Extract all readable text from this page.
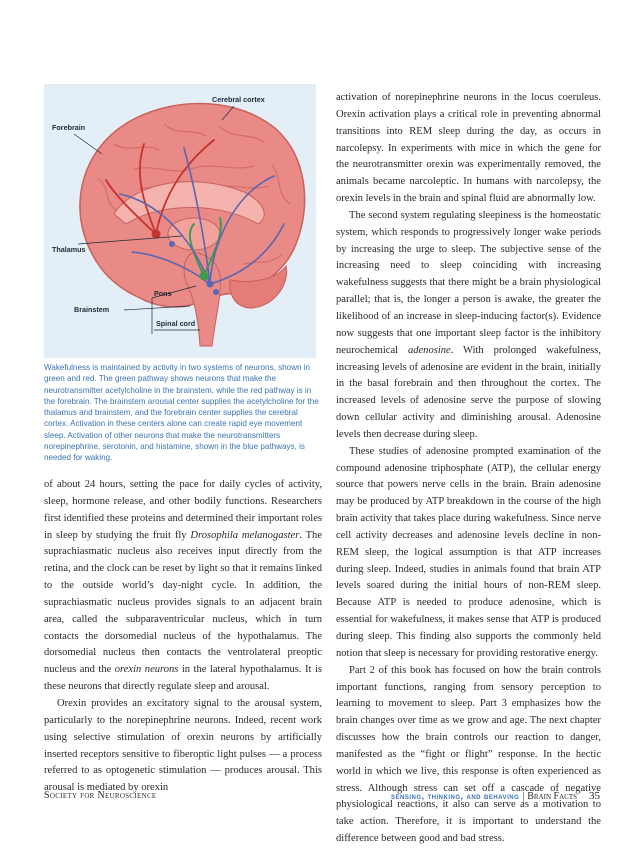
Cerebral cortex
Forebrain
Thalamus
Pons
Brainstem
Spinal cord

Wakefulness is maintained by activity in two systems of neurons, shown in green and red. The green pathway shows neurons that make the neurotransmitter acetylcholine in the brainstem, while the red pathway is in the forebrain. The brainstem arousal center supplies the acetylcholine for the thalamus and brainstem, and the forebrain center supplies the cerebral cortex. Activation in these centers alone can create rapid eye movement sleep. Activation of other neurons that make the neurotransmitters norepinephrine, serotonin, and histamine, shown in the blue pathways, is needed for waking.

of about 24 hours, setting the pace for daily cycles of activity, sleep, hormone release, and other bodily functions. Researchers first identified these proteins and determined their important roles in sleep by studying the fruit fly Drosophila melanogaster. The suprachiasmatic nucleus also receives input directly from the retina, and the clock can be reset by light so that it remains linked to the outside world’s day-night cycle. In addition, the suprachiasmatic nucleus provides signals to an adjacent brain area, called the subparaventricular nucleus, which in turn contacts the dorsomedial nucleus of the hypothalamus. The dorsomedial nucleus then contacts the ventrolateral preoptic nucleus and the orexin neurons in the lateral hypothalamus. It is these neurons that directly regulate sleep and arousal.

Orexin provides an excitatory signal to the arousal system, particularly to the norepinephrine neurons. Indeed, recent work using selective stimulation of orexin neurons by artificially inserted receptors sensitive to fiberoptic light pulses — a process referred to as optogenetic stimulation — produces arousal. This arousal is mediated by orexin

activation of norepinephrine neurons in the locus coeruleus. Orexin activation plays a critical role in preventing abnormal transitions into REM sleep during the day, as occurs in narcolepsy. In experiments with mice in which the gene for the neurotransmitter orexin was experimentally removed, the animals became narcoleptic. In humans with narcolepsy, the orexin levels in the brain and spinal fluid are abnormally low.

The second system regulating sleepiness is the homeostatic system, which responds to progressively longer wake periods by increasing the urge to sleep. The subjective sense of the increasing need to sleep coinciding with increasing wakefulness suggests that there might be a brain physiological parallel; that is, the longer a person is awake, the greater the likelihood of an increase in sleep-inducing factor(s). Evidence now suggests that one important sleep factor is the inhibitory neurochemical adenosine. With prolonged wakefulness, increasing levels of adenosine are evident in the brain, initially in the basal forebrain and then throughout the cortex. The increased levels of adenosine serve the purpose of slowing down cellular activity and diminishing arousal. Adenosine levels then decrease during sleep.

These studies of adenosine prompted examination of the compound adenosine triphosphate (ATP), the cellular energy source that powers nerve cells in the brain. Brain adenosine may be produced by ATP breakdown in the course of the high brain activity that takes place during wakefulness. Since nerve cell activity decreases and adenosine levels decline in non-REM sleep, the logical assumption is that ATP increases during sleep. Indeed, studies in animals found that brain ATP levels soared during the initial hours of non-REM sleep. Because ATP is needed to produce adenosine, which is essential for wakefulness, it makes sense that ATP is produced during sleep. This finding also supports the commonly held notion that sleep is necessary for providing restorative energy.

Part 2 of this book has focused on how the brain controls important functions, ranging from sensory perception to learning to movement to sleep. Part 3 emphasizes how the brain changes over time as we grow and age. The next chapter discusses how the brain controls our reaction to danger, manifested as the “fight or flight” response. In the hectic world in which we live, this response is often experienced as stress. Although stress can set off a cascade of negative physiological reactions, it also can serve as a motivation to take action. Therefore, it is important to understand the difference between good and bad stress.

Society for Neuroscience	sensing, thinking, and behaving | Brain Facts 35
